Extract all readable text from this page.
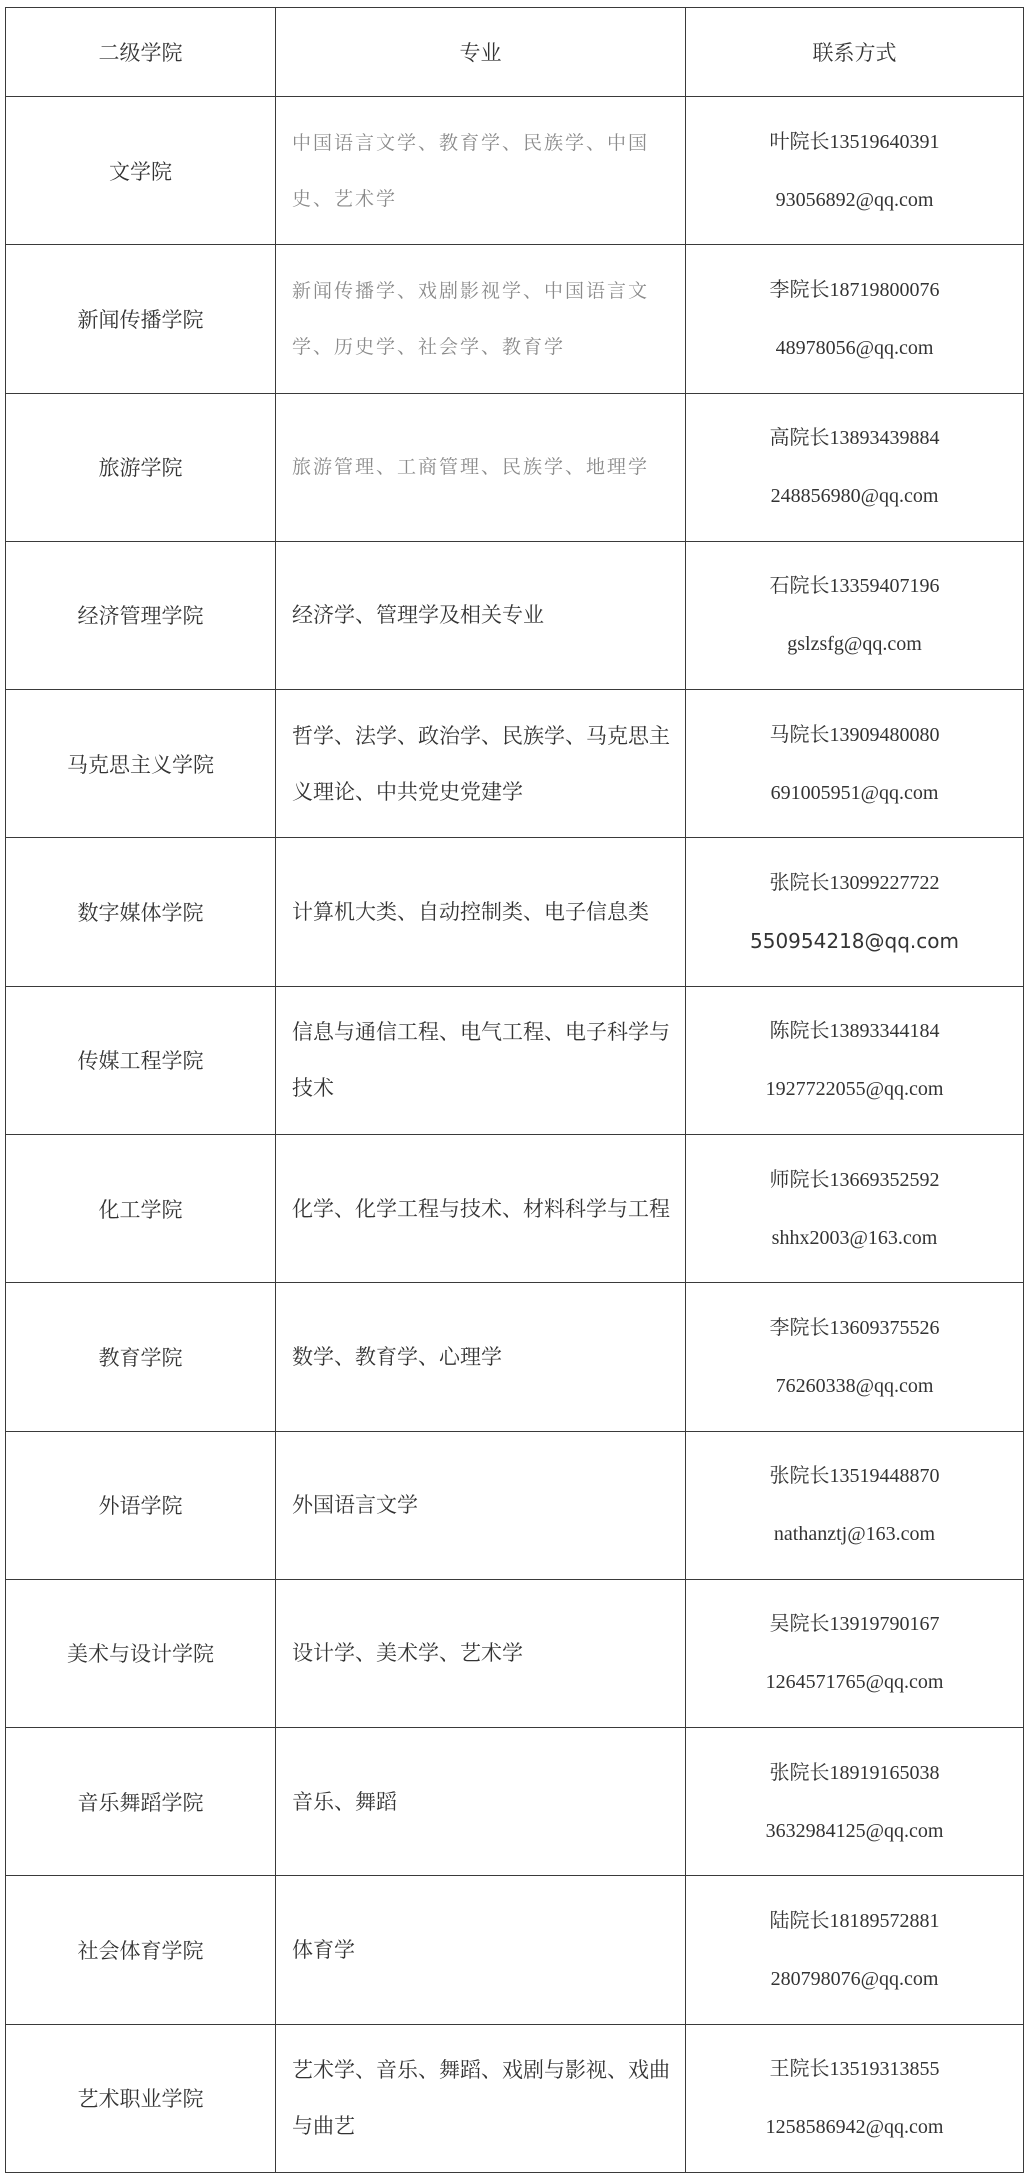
二级学院	专业	联系方式
文学院	中国语言文学、教育学、民族学、中国史、艺术学	叶院长13519640391
93056892@qq.com

新闻传播学院	新闻传播学、戏剧影视学、中国语言文学、历史学、社会学、教育学	李院长18719800076
48978056@qq.com

旅游学院	旅游管理、工商管理、民族学、地理学	高院长13893439884
248856980@qq.com

经济管理学院	经济学、管理学及相关专业	石院长13359407196
gslzsfg@qq.com

马克思主义学院	哲学、法学、政治学、民族学、马克思主义理论、中共党史党建学	马院长13909480080
691005951@qq.com

数字媒体学院	计算机大类、自动控制类、电子信息类	张院长13099227722
550954218@qq.com

传媒工程学院	信息与通信工程、电气工程、电子科学与技术	陈院长13893344184
1927722055@qq.com

化工学院	化学、化学工程与技术、材料科学与工程	师院长13669352592
shhx2003@163.com

教育学院	数学、教育学、心理学	李院长13609375526
76260338@qq.com

外语学院	外国语言文学	张院长13519448870
nathanztj@163.com

美术与设计学院	设计学、美术学、艺术学	吴院长13919790167
1264571765@qq.com

音乐舞蹈学院	音乐、舞蹈	张院长18919165038
3632984125@qq.com

社会体育学院	体育学	陆院长18189572881
280798076@qq.com

艺术职业学院	艺术学、音乐、舞蹈、戏剧与影视、戏曲与曲艺	王院长13519313855
1258586942@qq.com
